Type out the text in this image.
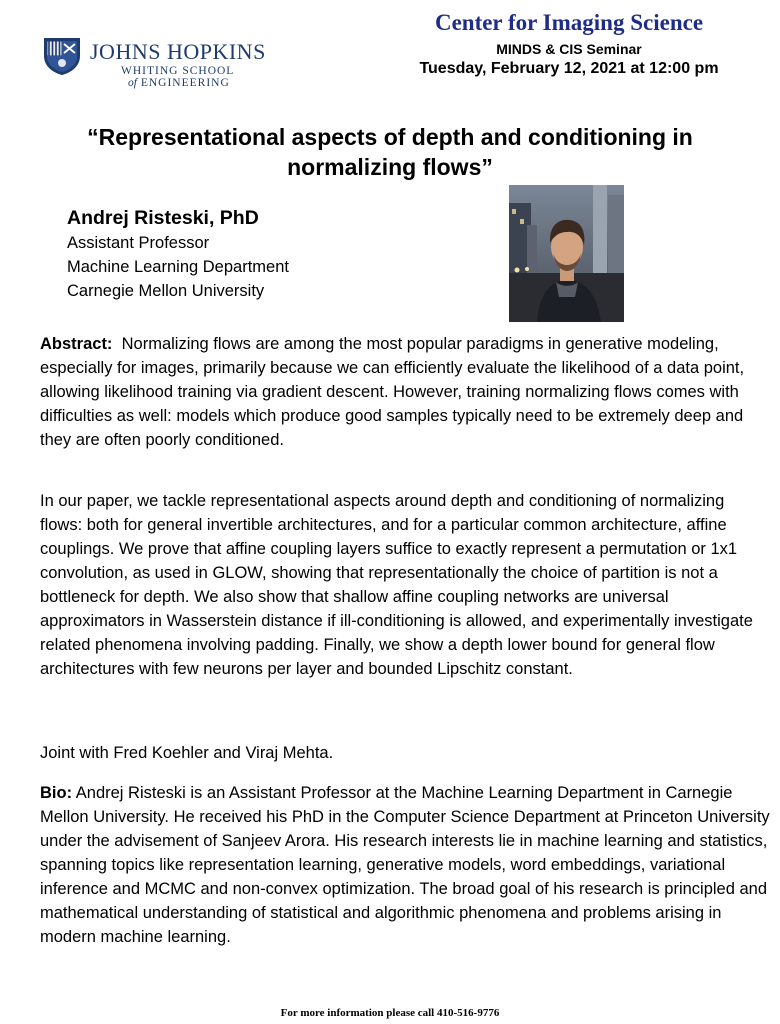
JOHNS HOPKINS
WHITING SCHOOL
of ENGINEERING
Center for Imaging Science
MINDS & CIS Seminar
Tuesday, February 12, 2021 at 12:00 pm
“Representational aspects of depth and conditioning in
normalizing flows”
Andrej Risteski, PhD
Assistant Professor
Machine Learning Department
Carnegie Mellon University

Abstract: Normalizing flows are among the most popular paradigms in generative modeling, especially for images, primarily because we can efficiently evaluate the likelihood of a data point, allowing likelihood training via gradient descent. However, training normalizing flows comes with difficulties as well: models which produce good samples typically need to be extremely deep and they are often poorly conditioned.

In our paper, we tackle representational aspects around depth and conditioning of normalizing flows: both for general invertible architectures, and for a particular common architecture, affine couplings. We prove that affine coupling layers suffice to exactly represent a permutation or 1x1 convolution, as used in GLOW, showing that representationally the choice of partition is not a bottleneck for depth. We also show that shallow affine coupling networks are universal approximators in Wasserstein distance if ill-conditioning is allowed, and experimentally investigate related phenomena involving padding. Finally, we show a depth lower bound for general flow architectures with few neurons per layer and bounded Lipschitz constant.

Joint with Fred Koehler and Viraj Mehta.

Bio: Andrej Risteski is an Assistant Professor at the Machine Learning Department in Carnegie Mellon University. He received his PhD in the Computer Science Department at Princeton University under the advisement of Sanjeev Arora. His research interests lie in machine learning and statistics, spanning topics like representation learning, generative models, word embeddings, variational inference and MCMC and non-convex optimization. The broad goal of his research is principled and mathematical understanding of statistical and algorithmic phenomena and problems arising in modern machine learning.

For more information please call 410-516-9776
